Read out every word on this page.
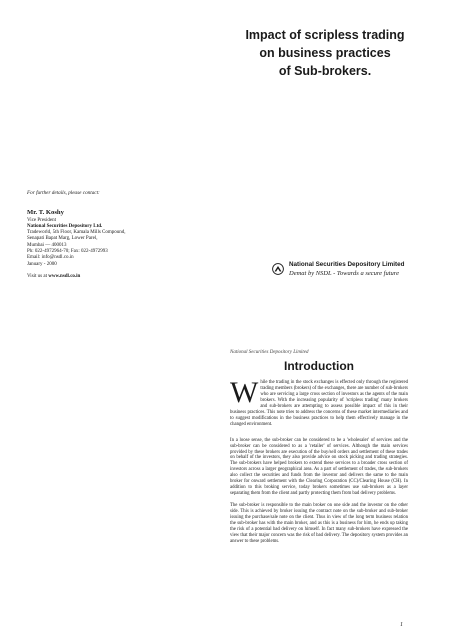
Impact of scripless trading
on business practices
of Sub-brokers.
For further details, please contact:
Mr. T. Koshy
Vice President
National Securities Depository Ltd.
Tradeworld, 5th Floor, Kamala Mills Compound,
Senapati Bapat Marg, Lower Parel,
Mumbai — 400013
Ph: 022-4972964-70; Fax: 022-4972993
Email: info@nsdl.co.in
January - 2000
Visit us at www.nsdl.co.in
National Securities Depository Limited
Demat by NSDL - Towards a secure future
National Securities Depository Limited
Introduction

While the trading in the stock exchanges is effected only through the registered trading members (brokers) of the exchanges, there are number of sub-brokers who are servicing a large cross section of investors as the agents of the main brokers. With the increasing popularity of 'scripless trading' many brokers and sub-brokers are attempting to assess possible impact of this in their business practices. This note tries to address the concerns of these market intermediaries and to suggest modifications in the business practices to help them effectively manage in the changed environment.

In a loose sense, the sub-broker can be considered to be a 'wholesaler' of services and the sub-broker can be considered to as a 'retailer' of services. Although the main services provided by these brokers are execution of the buy/sell orders and settlement of these trades on behalf of the investors, they also provide advice on stock picking and trading strategies. The sub-brokers have helped brokers to extend these services to a broader cross section of investors across a larger geographical area. As a part of settlement of trades, the sub-brokers also collect the securities and funds from the investor and delivers the same to the main broker for onward settlement with the Clearing Corporation (CC)/Clearing House (CH). In addition to this broking service, today brokers sometimes use sub-brokers as a layer separating them from the client and partly protecting them from bad delivery problems.

The sub-broker is responsible to the main broker on one side and the investor on the other side. This is achieved by broker issuing the contract note on the sub-broker and sub-broker issuing the purchase/sale note on the client. Thus in view of the long term business relation the sub-broker has with the main broker, and as this is a business for him, he ends up taking the risk of a potential bad delivery on himself. In fact many sub-brokers have expressed the view that their major concern was the risk of bad delivery. The depository system provides an answer to these problems.

1
